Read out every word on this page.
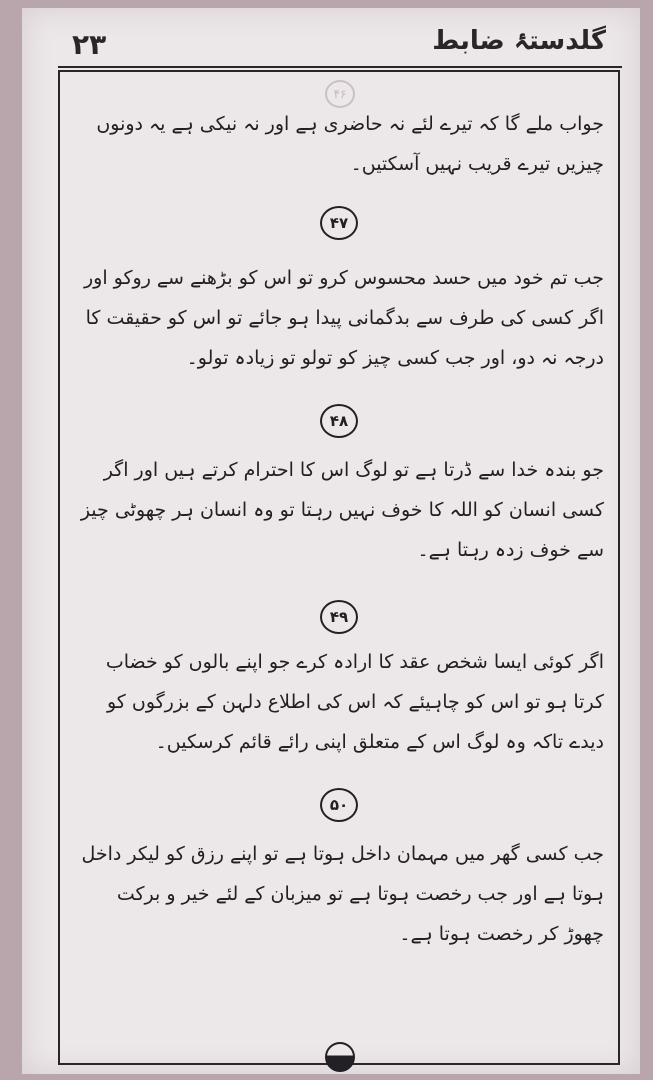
۲۳	گلدستۂ ضابط
۴۶

جواب ملے گا کہ تیرے لئے نہ حاضری ہے اور نہ نیکی ہے یہ دونوں چیزیں تیرے قریب نہیں آسکتیں۔

۴۷

جب تم خود میں حسد محسوس کرو تو اس کو بڑھنے سے روکو اور اگر کسی کی طرف سے بدگمانی پیدا ہو جائے تو اس کو حقیقت کا درجہ نہ دو، اور جب کسی چیز کو تولو تو زیادہ تولو۔

۴۸

جو بندہ خدا سے ڈرتا ہے تو لوگ اس کا احترام کرتے ہیں اور اگر کسی انسان کو اللہ کا خوف نہیں رہتا تو وہ انسان ہر چھوٹی چیز سے خوف زدہ رہتا ہے۔

۴۹

اگر کوئی ایسا شخص عقد کا ارادہ کرے جو اپنے بالوں کو خضاب کرتا ہو تو اس کو چاہیئے کہ اس کی اطلاع دلہن کے بزرگوں کو دیدے تاکہ وہ لوگ اس کے متعلق اپنی رائے قائم کرسکیں۔

۵۰

جب کسی گھر میں مہمان داخل ہوتا ہے تو اپنے رزق کو لیکر داخل ہوتا ہے اور جب رخصت ہوتا ہے تو میزبان کے لئے خیر و برکت چھوڑ کر رخصت ہوتا ہے۔
